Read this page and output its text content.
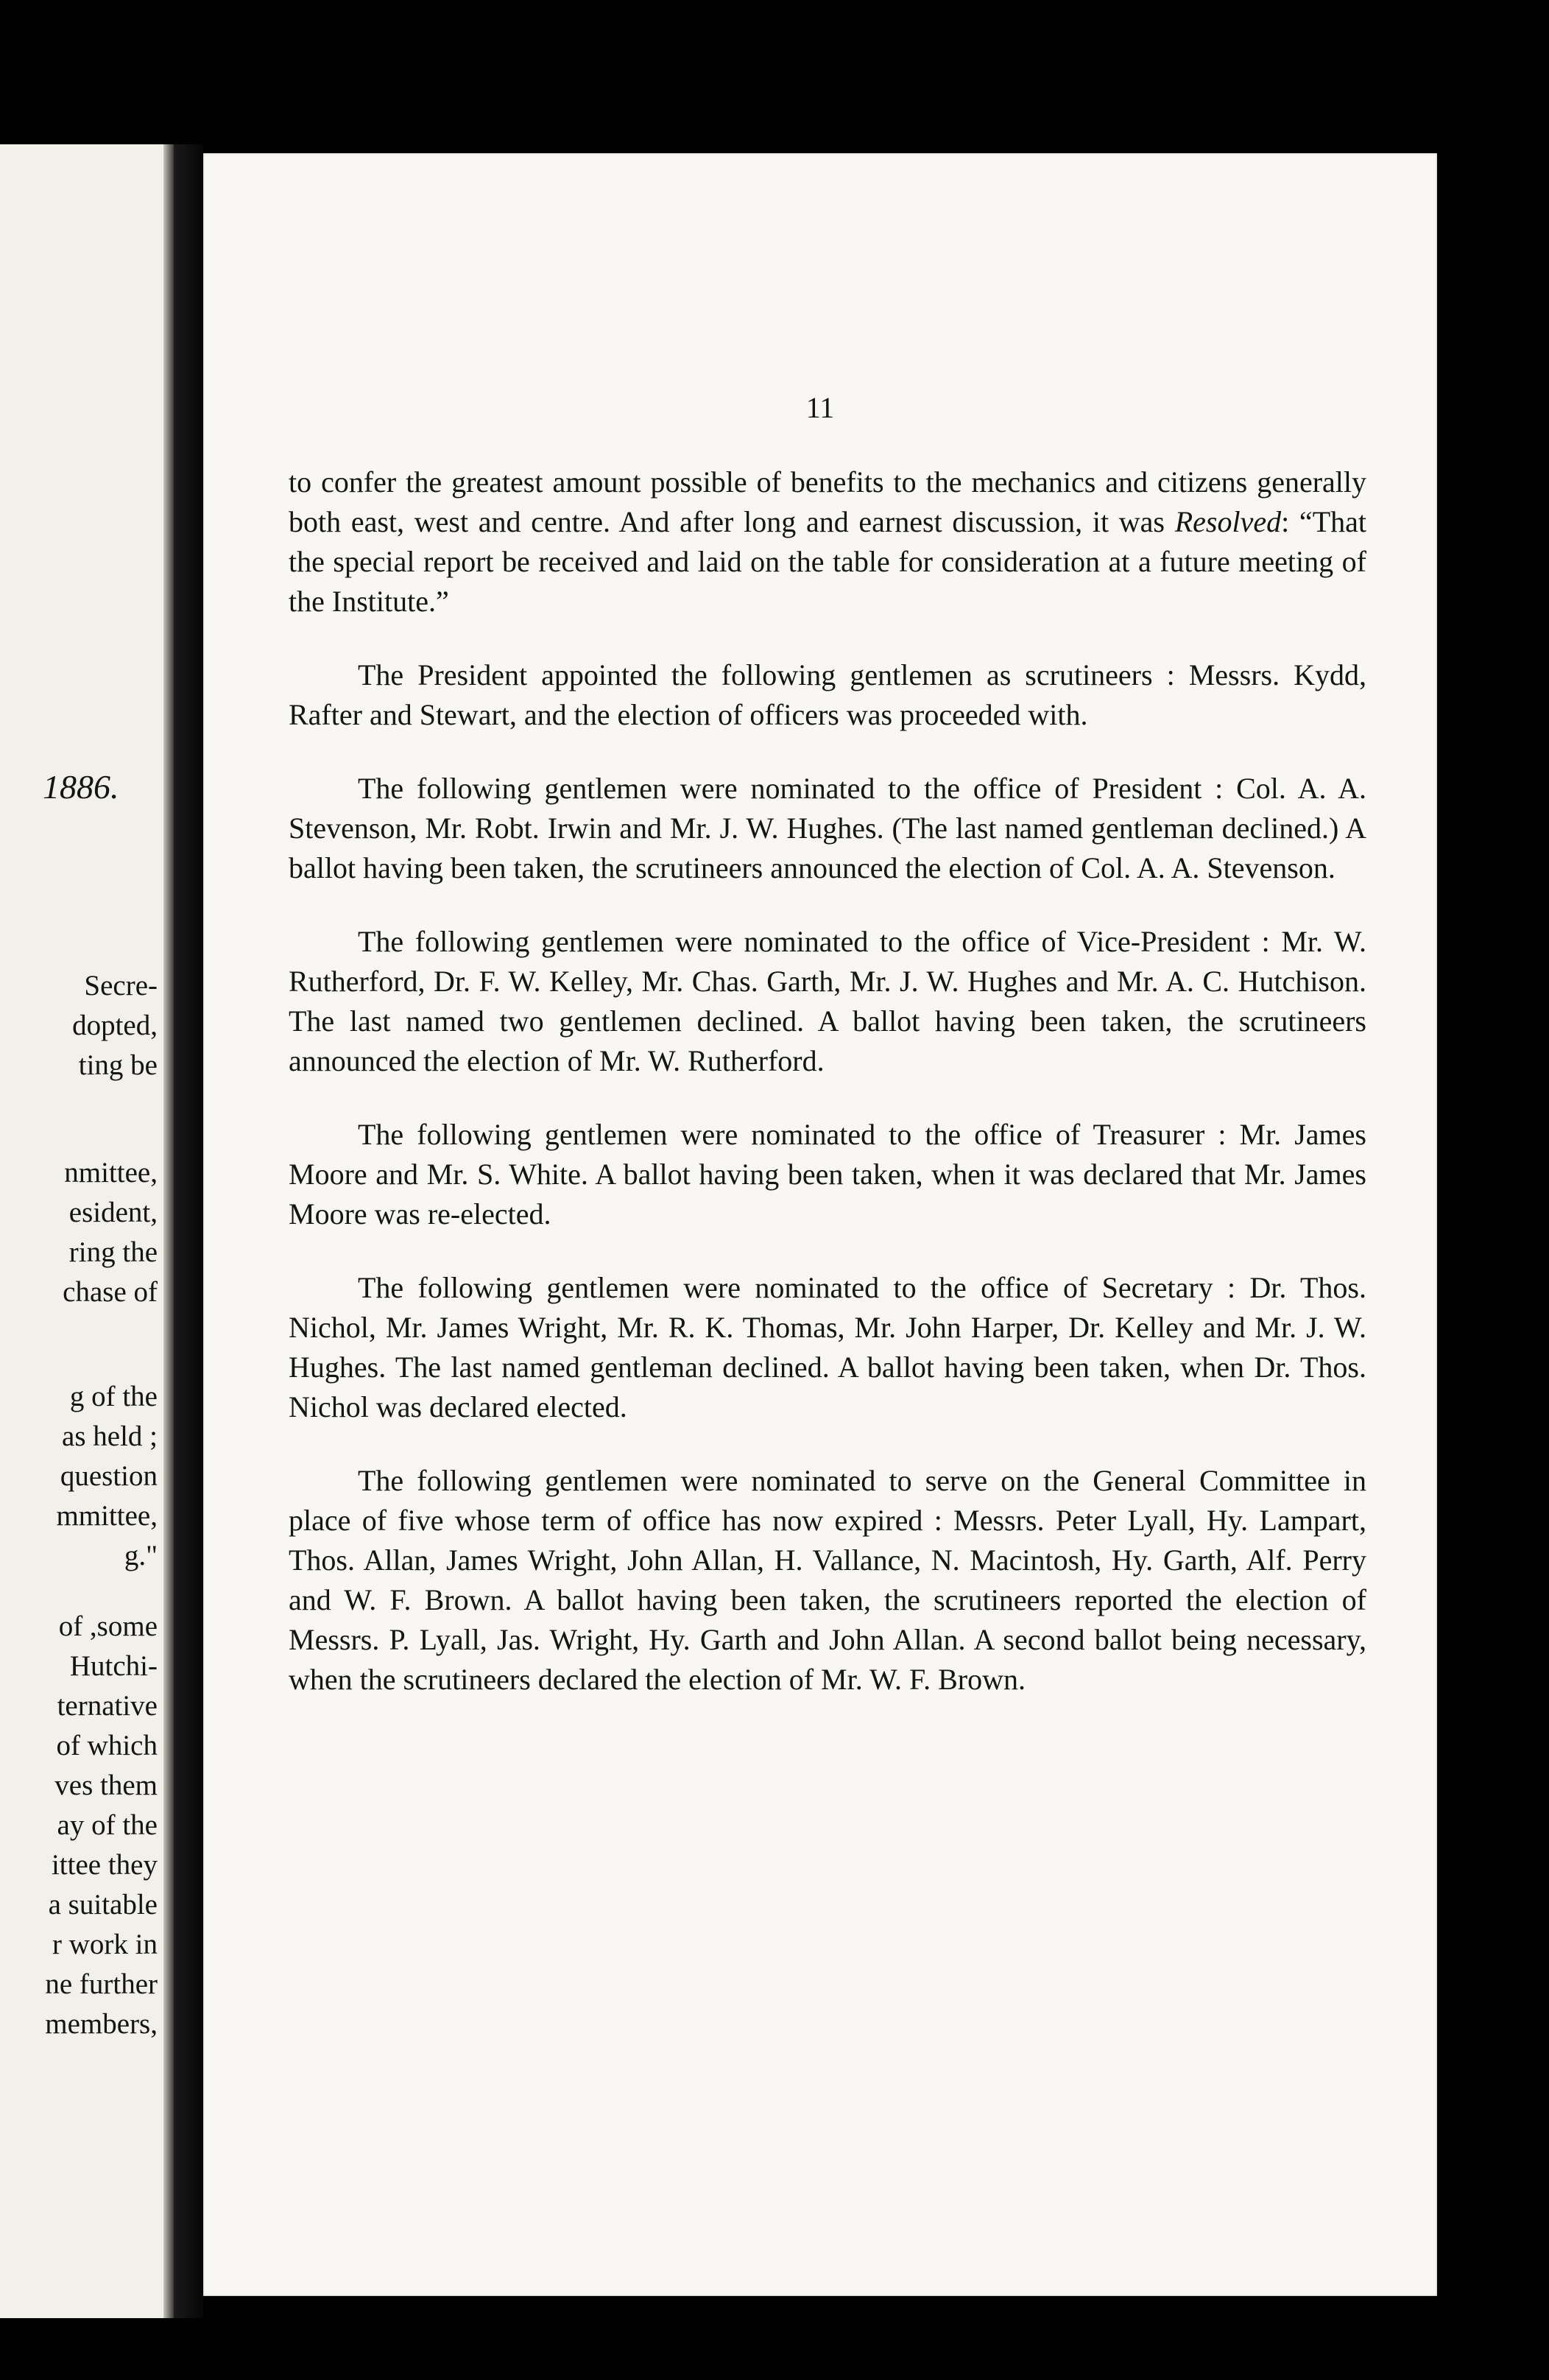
1886.
Secre-
dopted,
ting be
nmittee,
esident,
ring the
chase of
g of the
as held ;
question
mmittee,
g."
of ,some
Hutchi-
ternative
of which
ves them
ay of the
ittee they
a suitable
r work in
ne further
members,
11

to confer the greatest amount possible of benefits to the mechanics and citizens generally both east, west and centre. And after long and earnest discussion, it was Resolved: “That the special report be received and laid on the table for consideration at a future meeting of the Institute.”

The President appointed the following gentlemen as scrutineers : Messrs. Kydd, Rafter and Stewart, and the election of officers was proceeded with.

The following gentlemen were nominated to the office of President : Col. A. A. Stevenson, Mr. Robt. Irwin and Mr. J. W. Hughes. (The last named gentleman declined.) A ballot having been taken, the scrutineers announced the election of Col. A. A. Stevenson.

The following gentlemen were nominated to the office of Vice-President : Mr. W. Rutherford, Dr. F. W. Kelley, Mr. Chas. Garth, Mr. J. W. Hughes and Mr. A. C. Hutchison. The last named two gentlemen declined. A ballot having been taken, the scrutineers announced the election of Mr. W. Rutherford.

The following gentlemen were nominated to the office of Treasurer : Mr. James Moore and Mr. S. White. A ballot having been taken, when it was declared that Mr. James Moore was re-elected.

The following gentlemen were nominated to the office of Secretary : Dr. Thos. Nichol, Mr. James Wright, Mr. R. K. Thomas, Mr. John Harper, Dr. Kelley and Mr. J. W. Hughes. The last named gentleman declined. A ballot having been taken, when Dr. Thos. Nichol was declared elected.

The following gentlemen were nominated to serve on the General Committee in place of five whose term of office has now expired : Messrs. Peter Lyall, Hy. Lampart, Thos. Allan, James Wright, John Allan, H. Vallance, N. Macintosh, Hy. Garth, Alf. Perry and W. F. Brown. A ballot having been taken, the scrutineers reported the election of Messrs. P. Lyall, Jas. Wright, Hy. Garth and John Allan. A second ballot being necessary, when the scrutineers declared the election of Mr. W. F. Brown.
